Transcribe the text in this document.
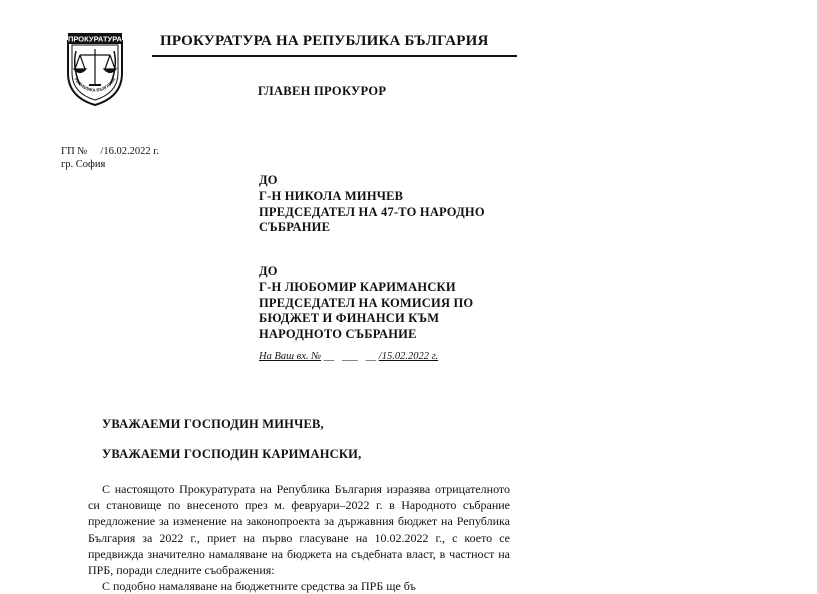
ПРОКУРАТУРА
РЕПУБЛИКА БЪЛГАРИЯ
ПРОКУРАТУРА НА РЕПУБЛИКА БЪЛГАРИЯ
ГЛАВЕН ПРОКУРОР
ГП №     /16.02.2022 г.
гр. София
ДО
Г-Н НИКОЛА МИНЧЕВ
ПРЕДСЕДАТЕЛ НА 47-ТО НАРОДНО
СЪБРАНИЕ
ДО
Г-Н ЛЮБОМИР КАРИМАНСКИ
ПРЕДСЕДАТЕЛ НА КОМИСИЯ ПО
БЮДЖЕТ И ФИНАНСИ КЪМ
НАРОДНОТО СЪБРАНИЕ
На Ваш вх. № __   ___   __ /15.02.2022 г.
УВАЖАЕМИ ГОСПОДИН МИНЧЕВ,
УВАЖАЕМИ ГОСПОДИН КАРИМАНСКИ,

С настоящото Прокуратурата на Република България изразява отрицателното си становище по внесеното през м. февруари–2022 г. в Народното събрание предложение за изменение на законопроекта за държавния бюджет на Република България за 2022 г., приет на първо гласуване на 10.02.2022 г., с което се предвижда значително намаляване на бюджета на съдебната власт, в частност на ПРБ, поради следните съображения:

С подобно намаляване на бюджетните средства за ПРБ ще бъ
